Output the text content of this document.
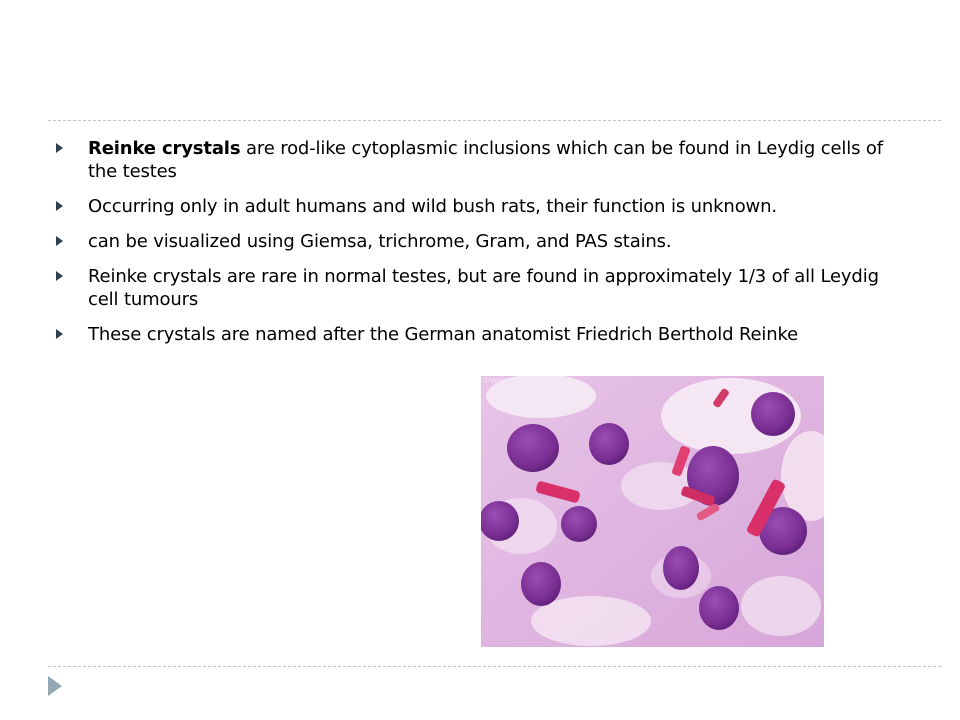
Reinke crystals are rod-like cytoplasmic inclusions which can be found in Leydig cells of the testes
Occurring only in adult humans and wild bush rats, their function is unknown.
can be visualized using Giemsa, trichrome, Gram, and PAS stains.
Reinke crystals are rare in normal testes, but are found in approximately 1/3 of all Leydig cell tumours
These crystals are named after the German anatomist Friedrich Berthold Reinke
©WebPathology.com
